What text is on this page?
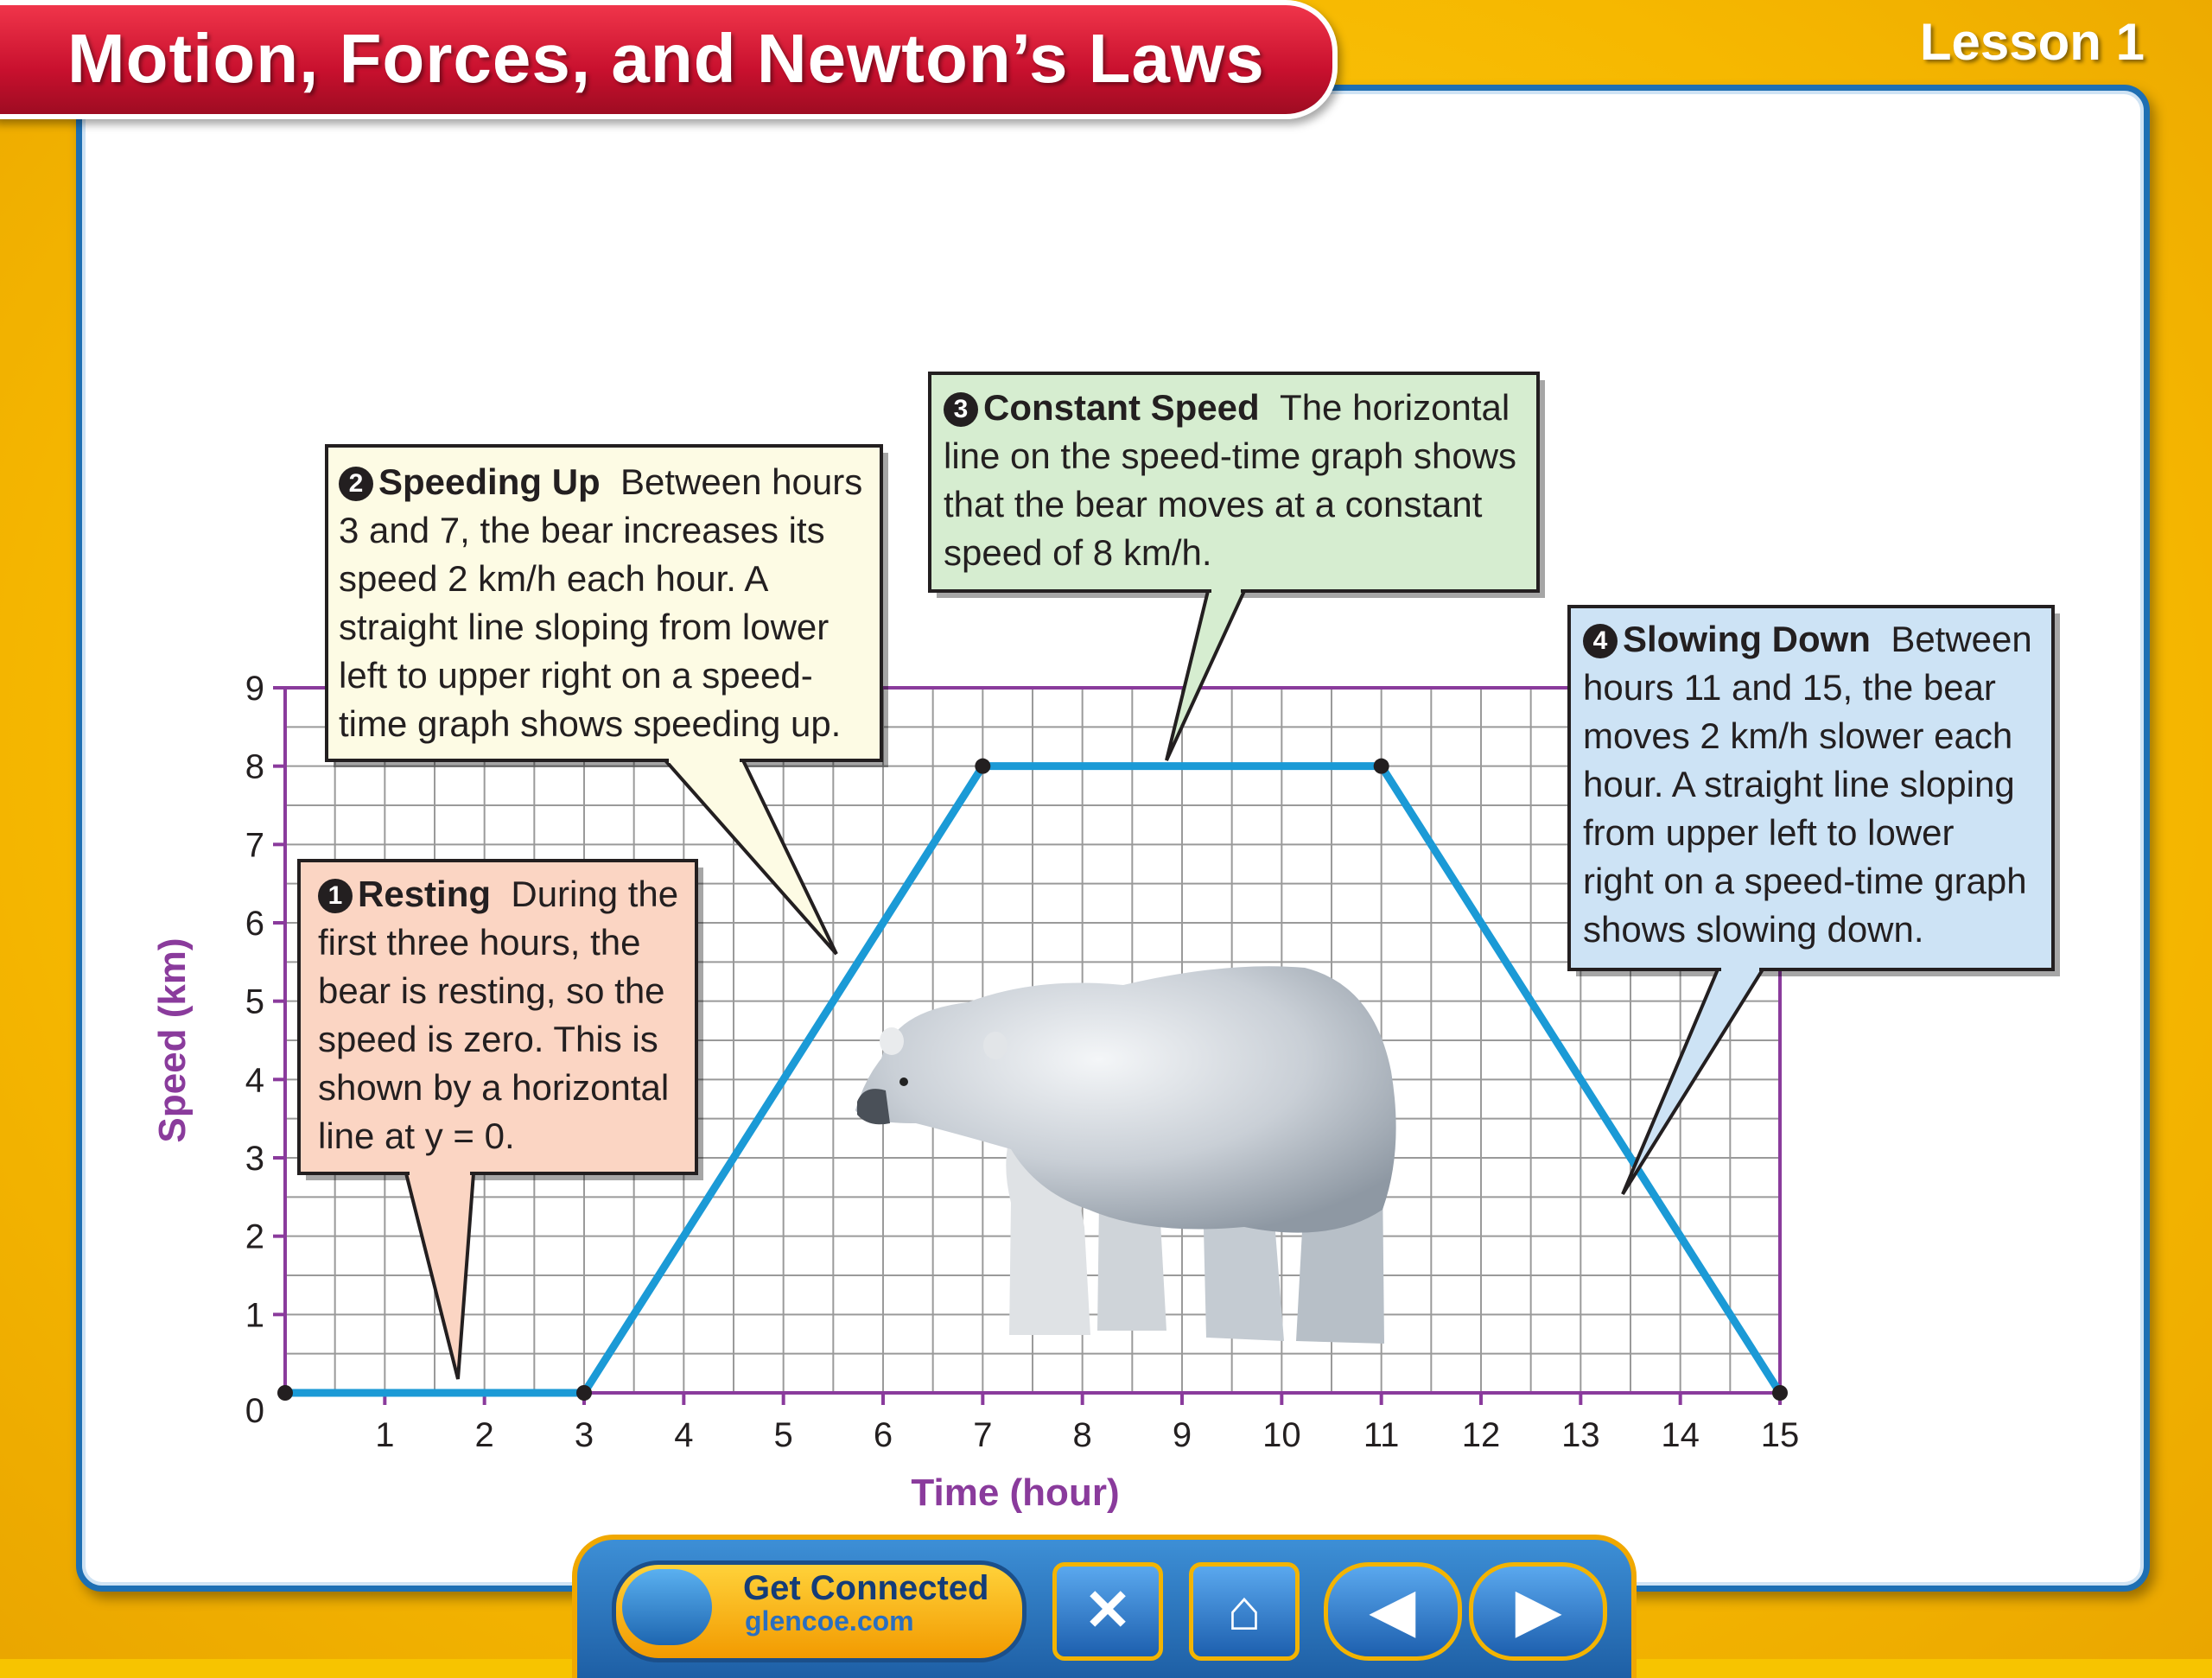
Motion, Forces, and Newton’s Laws	Lesson 1
1 2 3 4 5 6 7 8 9 10 11 12 13 14 15
0
1
2
3
4
5
6
7
8
9
Time (hour)
Speed (km)
1 Resting During the
first three hours, the
bear is resting, so the
speed is zero. This is
shown by a horizontal
line at y = 0.
2 Speeding Up Between hours
3 and 7, the bear increases its
speed 2 km/h each hour. A
straight line sloping from lower
left to upper right on a speed-
time graph shows speeding up.
3 Constant Speed The horizontal
line on the speed-time graph shows
that the bear moves at a constant
speed of 8 km/h.
4 Slowing Down Between
hours 11 and 15, the bear
moves 2 km/h slower each
hour. A straight line sloping
from upper left to lower
right on a speed-time graph
shows slowing down.
Get Connected
glencoe.com	✕	⌂	◀	▶
